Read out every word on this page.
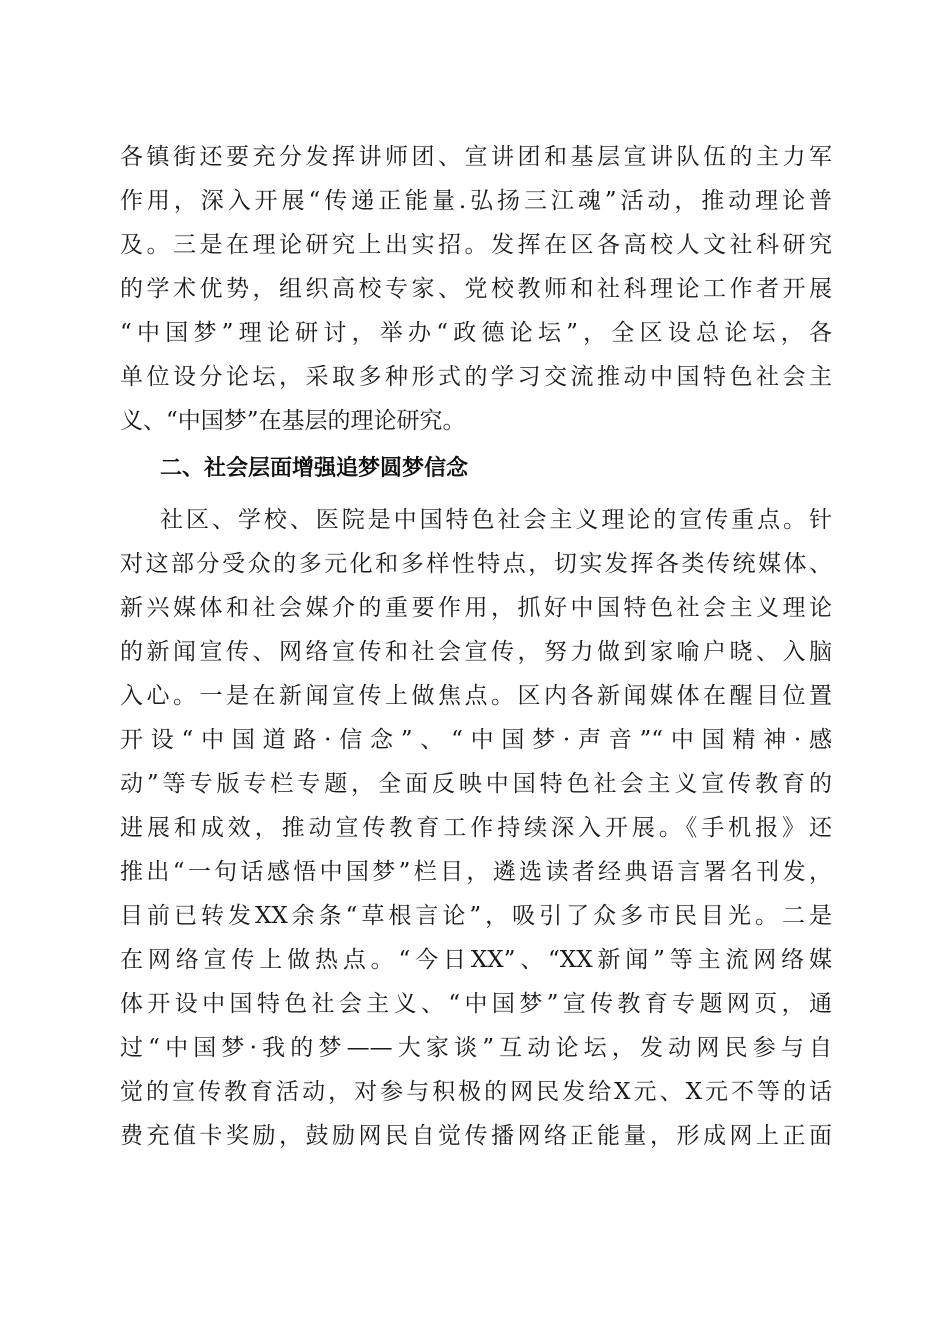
各镇街还要充分发挥讲师团、宣讲团和基层宣讲队伍的主力军
作用，深入开展“传递正能量.弘扬三江魂”活动，推动理论普
及。三是在理论研究上出实招。发挥在区各高校人文社科研究
的学术优势，组织高校专家、党校教师和社科理论工作者开展
“中国梦”理论研讨，举办“政德论坛”，全区设总论坛，各
单位设分论坛，采取多种形式的学习交流推动中国特色社会主
义、“中国梦”在基层的理论研究。
二、社会层面增强追梦圆梦信念
社区、学校、医院是中国特色社会主义理论的宣传重点。针
对这部分受众的多元化和多样性特点，切实发挥各类传统媒体、
新兴媒体和社会媒介的重要作用，抓好中国特色社会主义理论
的新闻宣传、网络宣传和社会宣传，努力做到家喻户晓、入脑
入心。一是在新闻宣传上做焦点。区内各新闻媒体在醒目位置
开设“中国道路·信念”、“中国梦·声音”“中国精神·感
动”等专版专栏专题，全面反映中国特色社会主义宣传教育的
进展和成效，推动宣传教育工作持续深入开展。《手机报》还
推出“一句话感悟中国梦”栏目，遴选读者经典语言署名刊发，
目前已转发XX余条“草根言论”，吸引了众多市民目光。二是
在网络宣传上做热点。“今日XX”、“XX新闻”等主流网络媒
体开设中国特色社会主义、“中国梦”宣传教育专题网页，通
过“中国梦·我的梦——大家谈”互动论坛，发动网民参与自
觉的宣传教育活动，对参与积极的网民发给X元、X元不等的话
费充值卡奖励，鼓励网民自觉传播网络正能量，形成网上正面
